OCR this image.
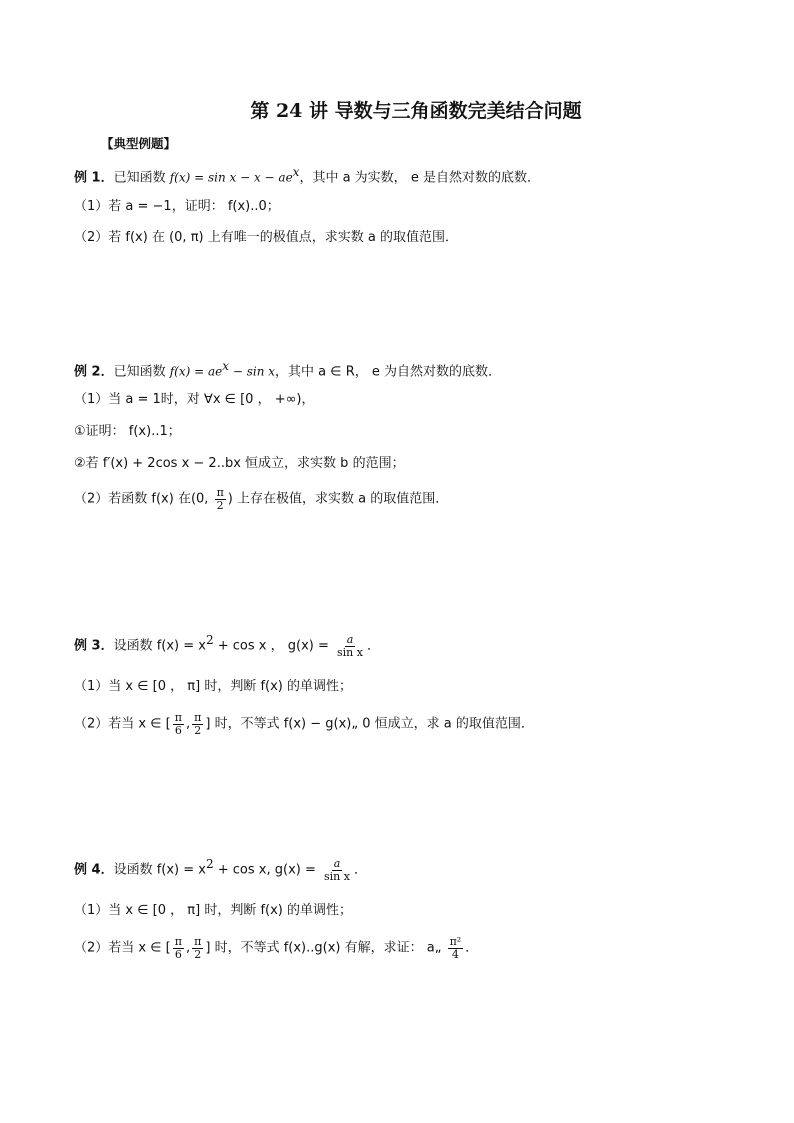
第 24 讲 导数与三角函数完美结合问题
【典型例题】
例 1．已知函数 $f(x) = \sin x - x - ae^x$，其中 a 为实数， e 是自然对数的底数．
（1）若 a = −1，证明： f(x)..0；
（2）若 f(x) 在 (0, π) 上有唯一的极值点，求实数 a 的取值范围．
例 2．已知函数 $f(x) = ae^x - \sin x$，其中 a ∈ R， e 为自然对数的底数．
（1）当 a = 1时，对 ∀x ∈ [0 ， +∞)，
①证明： f(x)..1；
②若 f′(x) + 2cos x − 2..bx 恒成立，求实数 b 的范围；
（2）若函数 f(x) 在(0, $\frac{\pi}{2}$ ) 上存在极值，求实数 a 的取值范围．
例 3．设函数 $f(x) = x^2 + \cos x$ ， $g(x) = \frac{a}{\text{sin x}}$ ．
（1）当 x ∈ [0 ， π] 时，判断 f(x) 的单调性；
（2）若当 x ∈ [ $\frac{\pi}{6}$ , $\frac{\pi}{2}$ ] 时，不等式 f(x) − g(x)„ 0 恒成立，求 a 的取值范围．
例 4．设函数 $f(x) = x^2 + \cos x$, $g(x) = \frac{a}{\text{sin x}}$ ．
（1）当 x ∈ [0 ， π] 时，判断 f(x) 的单调性；
（2）若当 x ∈ [ $\frac{\pi}{6}$ , $\frac{\pi}{2}$ ] 时，不等式 f(x)..g(x) 有解，求证： a„ $\frac{\text{π²}}{4}$ ．
